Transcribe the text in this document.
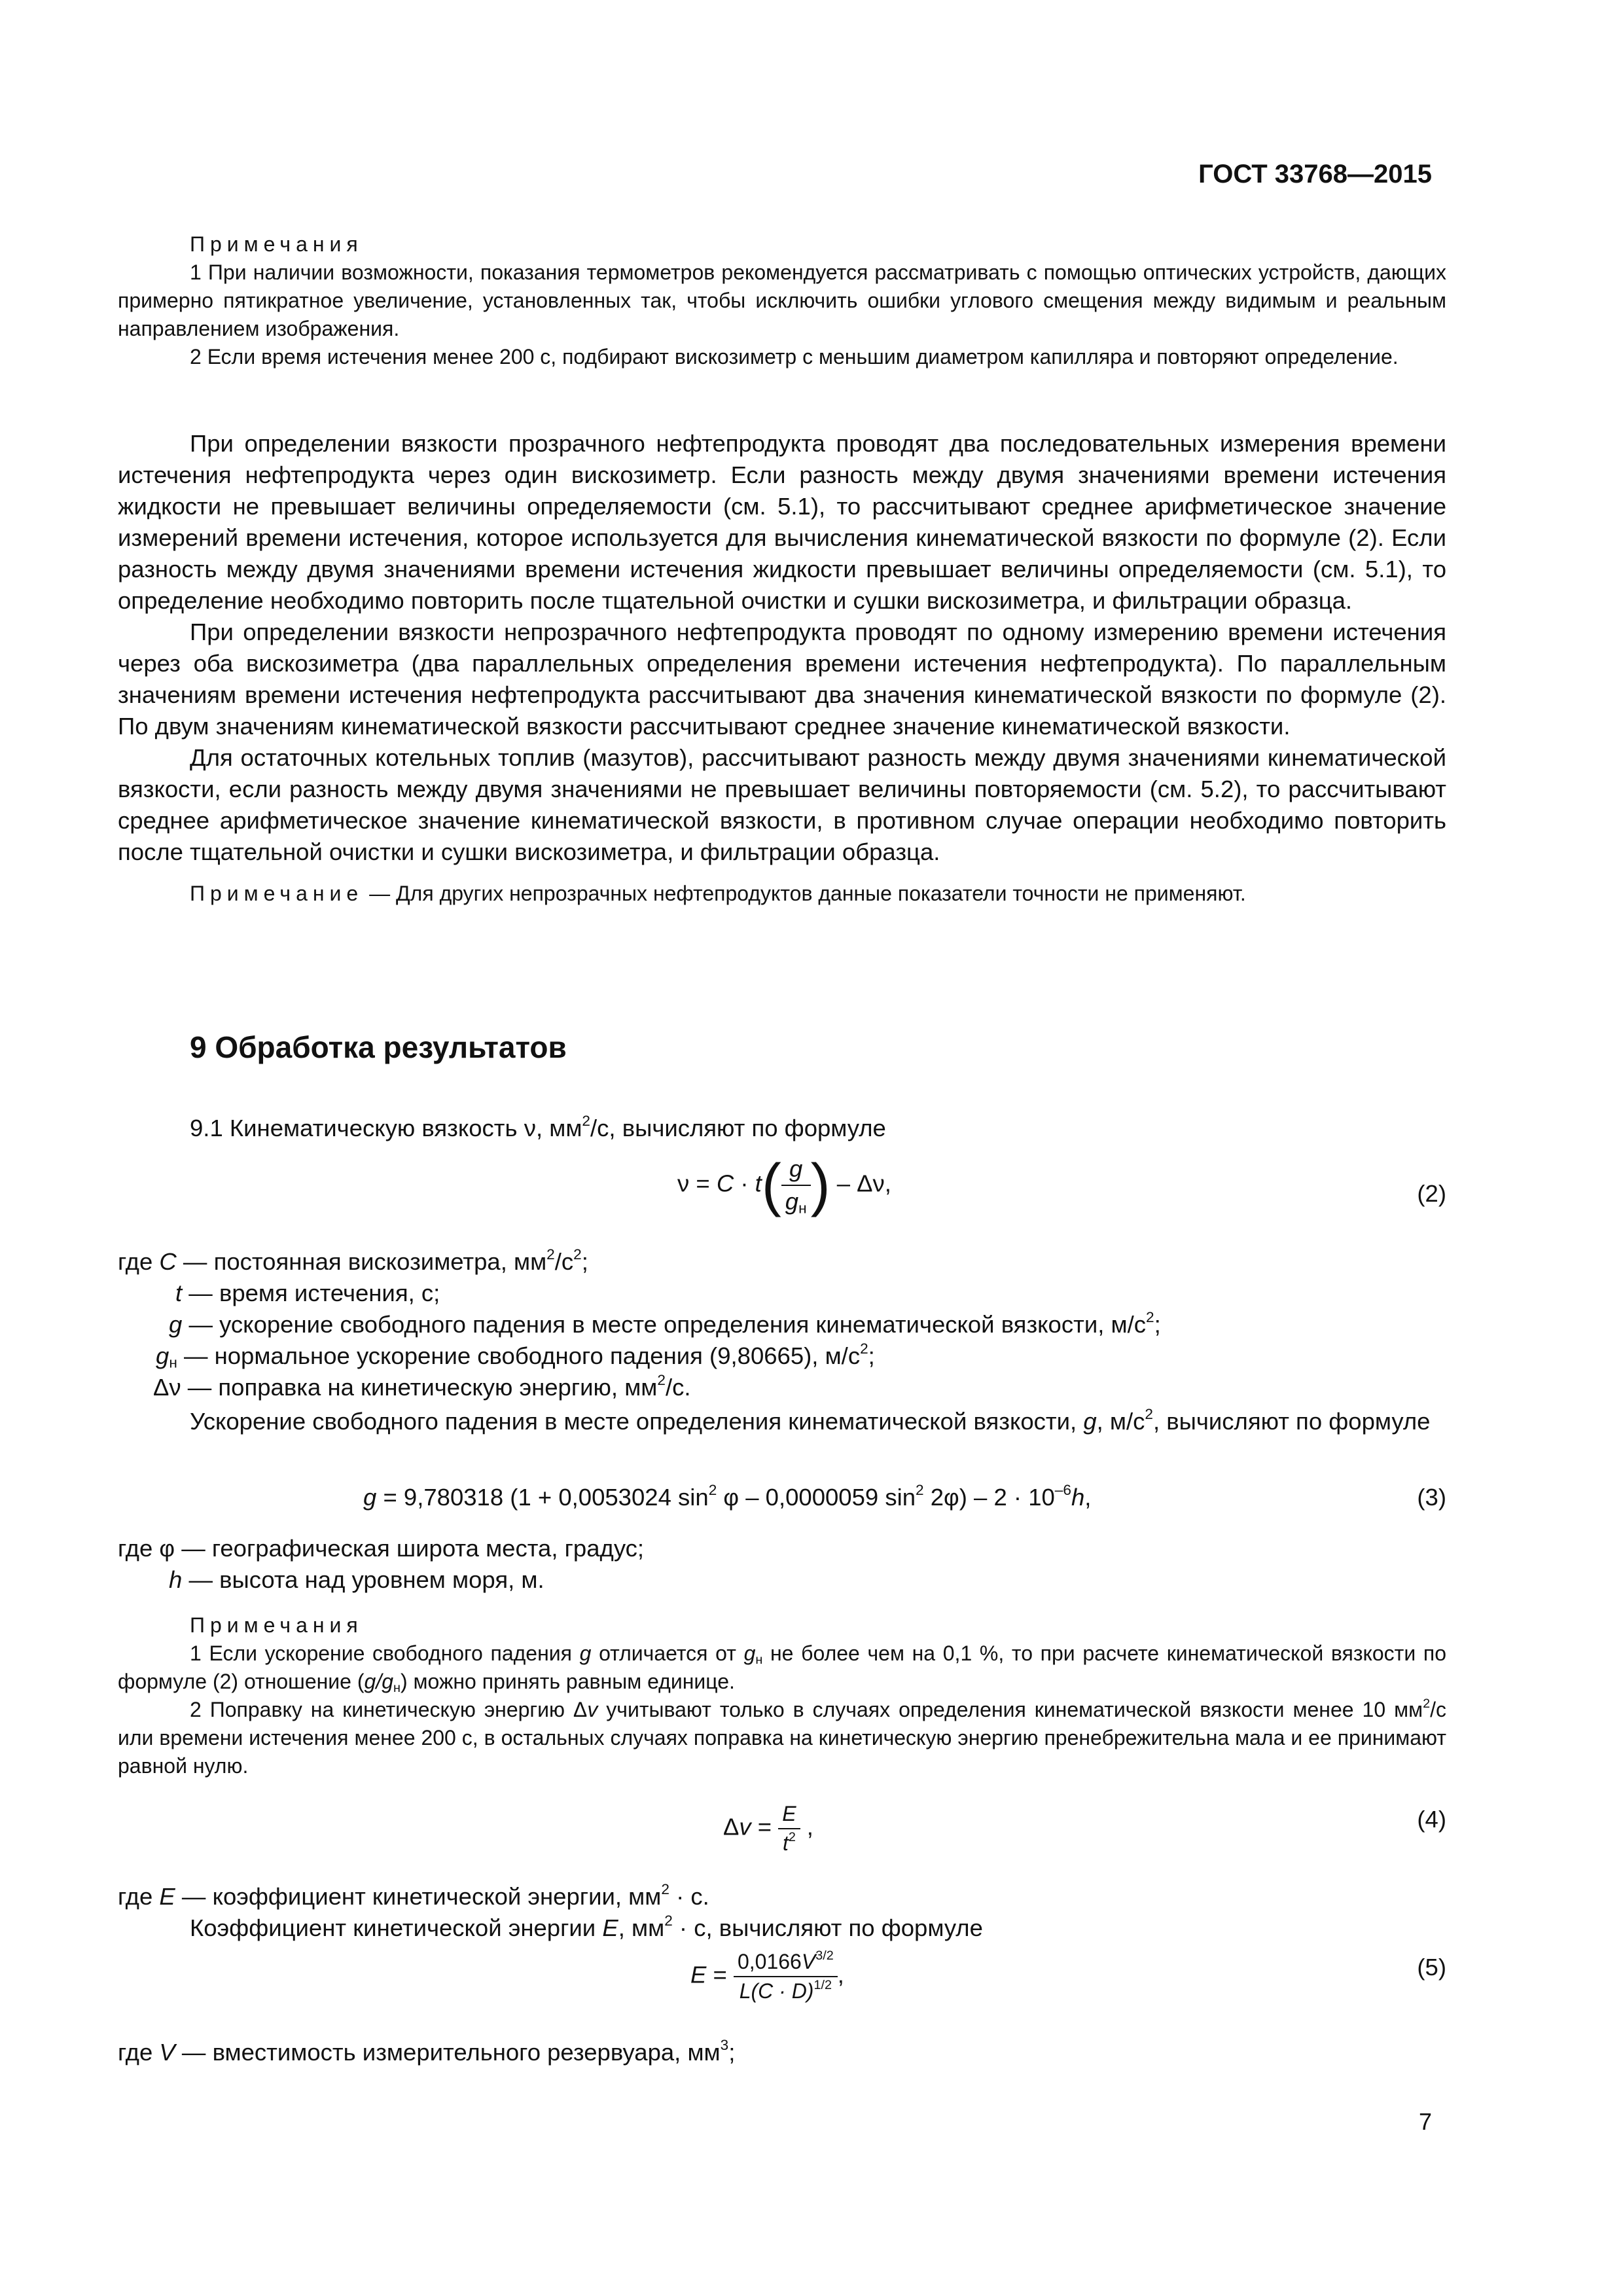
ГОСТ 33768—2015

Примечания

1 При наличии возможности, показания термометров рекомендуется рассматривать с помощью оптических устройств, дающих примерно пятикратное увеличение, установленных так, чтобы исключить ошибки углового смещения между видимым и реальным направлением изображения.

2 Если время истечения менее 200 с, подбирают вискозиметр с меньшим диаметром капилляра и повторяют определение.

При определении вязкости прозрачного нефтепродукта проводят два последовательных измерения времени истечения нефтепродукта через один вискозиметр. Если разность между двумя значениями времени истечения жидкости не превышает величины определяемости (см. 5.1), то рассчитывают среднее арифметическое значение измерений времени истечения, которое используется для вычисления кинематической вязкости по формуле (2). Если разность между двумя значениями времени истечения жидкости превышает величины определяемости (см. 5.1), то определение необходимо повторить после тщательной очистки и сушки вискозиметра, и фильтрации образца.

При определении вязкости непрозрачного нефтепродукта проводят по одному измерению времени истечения через оба вискозиметра (два параллельных определения времени истечения нефтепродукта). По параллельным значениям времени истечения нефтепродукта рассчитывают два значения кинематической вязкости по формуле (2). По двум значениям кинематической вязкости рассчитывают среднее значение кинематической вязкости.

Для остаточных котельных топлив (мазутов), рассчитывают разность между двумя значениями кинематической вязкости, если разность между двумя значениями не превышает величины повторяемости (см. 5.2), то рассчитывают среднее арифметическое значение кинематической вязкости, в противном случае операции необходимо повторить после тщательной очистки и сушки вискозиметра, и фильтрации образца.

Примечание — Для других непрозрачных нефтепродуктов данные показатели точности не применяют.

9 Обработка результатов

9.1 Кинематическую вязкость ν, $мм^2/с$, вычисляют по формуле

$\nu = C \cdot t( \frac{g}{g_н}$ ) – Δν,	(2)
где C — постоянная вискозиметра, $мм^2/с^2$;
t — время истечения, с;
g — ускорение свободного падения в месте определения кинематической вязкости, $м/с^2$;
$g_н$ — нормальное ускорение свободного падения (9,80665), $м/с^2$;
Δν — поправка на кинетическую энергию, $мм^2/с$.

Ускорение свободного падения в месте определения кинематической вязкости, g, $м/с^2$, вычисляют по формуле

g = 9,780318 (1 + 0,0053024 $\sin^2 \varphi - 0,0000059$ $\sin^2 2\varphi) - 2 \cdot 10^{-6}h$,	(3)
где φ — географическая широта места, градус;
h — высота над уровнем моря, м.

Примечания

1 Если ускорение свободного падения g отличается от $g_н$ не более чем на 0,1 %, то при расчете кинематической вязкости по формуле (2) отношение $(g/g_н)$ можно принять равным единице.

2 Поправку на кинетическую энергию Δv учитывают только в случаях определения кинематической вязкости менее 10 $мм^2/с$ или времени истечения менее 200 с, в остальных случаях поправка на кинетическую энергию пренебрежительна мала и ее принимают равной нулю.

$\Delta v = \frac{E}{t^2}$ ,	(4)
где E — коэффициент кинетической энергии, $мм^2 \cdot с$.
Коэффициент кинетической энергии E, $мм^2 \cdot с$, вычисляют по формуле
$E = \frac{0,0166V^{3/2}}{L(C \cdot D)^{1/2}}$ ,	(5)
где V — вместимость измерительного резервуара, $мм^3$;
7
